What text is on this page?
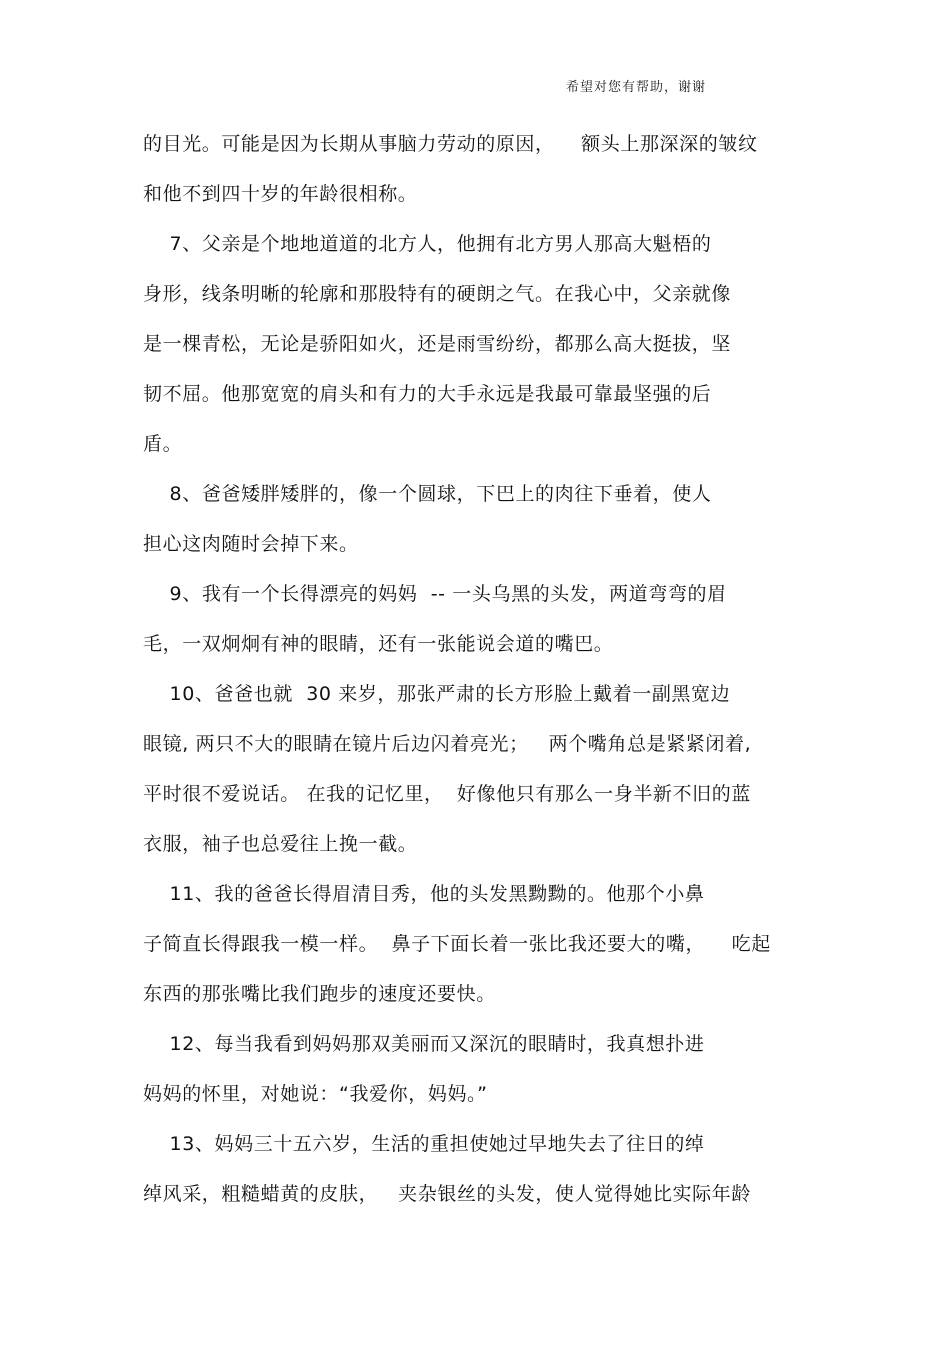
希望对您有帮助，谢谢
的目光。可能是因为长期从事脑力劳动的原因，    额头上那深深的皱纹
和他不到四十岁的年龄很相称。
7、父亲是个地地道道的北方人，他拥有北方男人那高大魁梧的
身形，线条明晰的轮廓和那股特有的硬朗之气。在我心中，父亲就像
是一棵青松，无论是骄阳如火，还是雨雪纷纷，都那么高大挺拔，坚
韧不屈。他那宽宽的肩头和有力的大手永远是我最可靠最坚强的后
盾。
8、爸爸矮胖矮胖的，像一个圆球，下巴上的肉往下垂着，使人
担心这肉随时会掉下来。
9、我有一个长得漂亮的妈妈  -- 一头乌黑的头发，两道弯弯的眉
毛，一双炯炯有神的眼睛，还有一张能说会道的嘴巴。
10、爸爸也就  30 来岁，那张严肃的长方形脸上戴着一副黑宽边
眼镜, 两只不大的眼睛在镜片后边闪着亮光；   两个嘴角总是紧紧闭着,
平时很不爱说话。 在我的记忆里，  好像他只有那么一身半新不旧的蓝
衣服，袖子也总爱往上挽一截。
11、我的爸爸长得眉清目秀，他的头发黑黝黝的。他那个小鼻
子简直长得跟我一模一样。  鼻子下面长着一张比我还要大的嘴，    吃起
东西的那张嘴比我们跑步的速度还要快。
12、每当我看到妈妈那双美丽而又深沉的眼睛时，我真想扑进
妈妈的怀里，对她说：“我爱你，妈妈。”
13、妈妈三十五六岁，生活的重担使她过早地失去了往日的绰
绰风采，粗糙蜡黄的皮肤，   夹杂银丝的头发，使人觉得她比实际年龄
